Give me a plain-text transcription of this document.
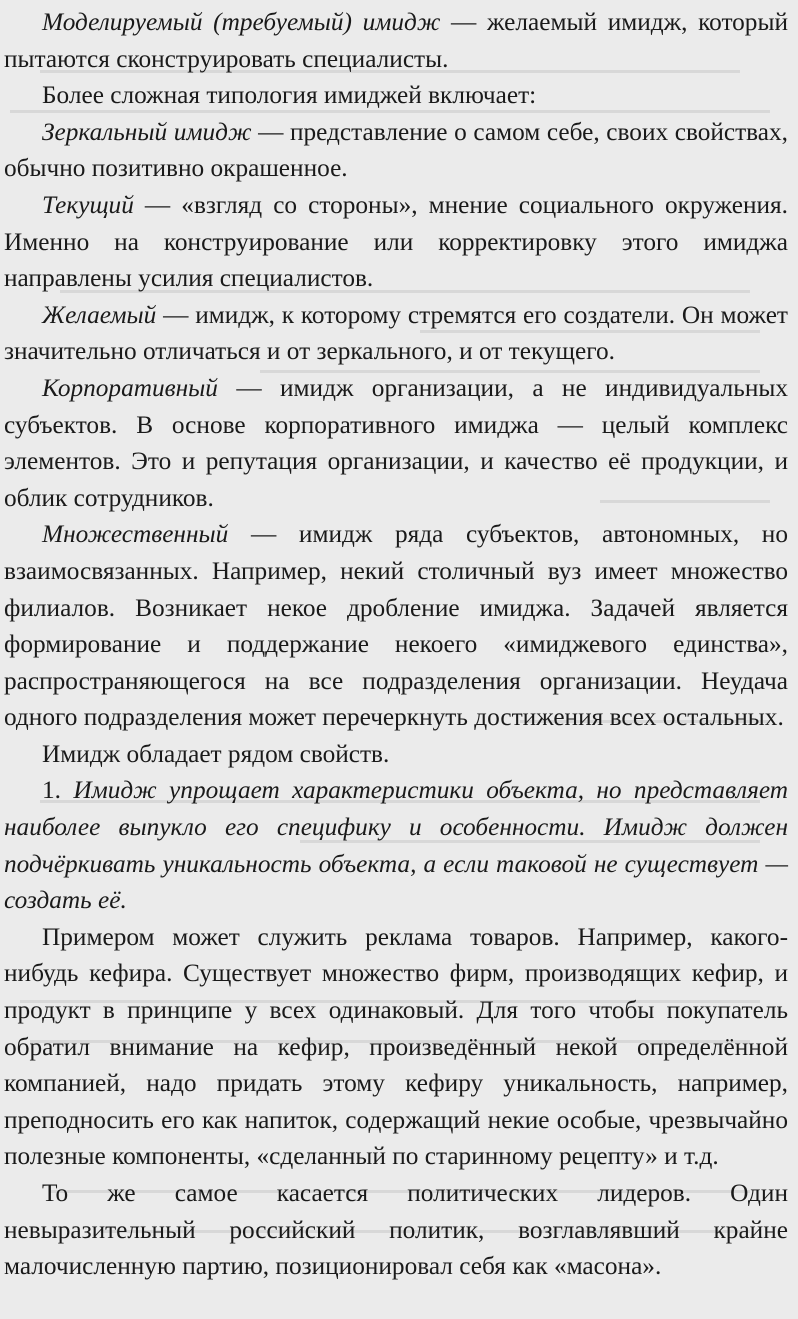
Моделируемый (требуемый) имидж — желаемый имидж, который пытаются сконструировать специалисты.

Более сложная типология имиджей включает:

Зеркальный имидж — представление о самом себе, своих свойствах, обычно позитивно окрашенное.

Текущий — «взгляд со стороны», мнение социального окружения. Именно на конструирование или корректировку этого имиджа направлены усилия специалистов.

Желаемый — имидж, к которому стремятся его создатели. Он может значительно отличаться и от зеркального, и от текущего.

Корпоративный — имидж организации, а не индивидуальных субъектов. В основе корпоративного имиджа — целый комплекс элементов. Это и репутация организации, и качество её продукции, и облик сотрудников.

Множественный — имидж ряда субъектов, автономных, но взаимосвязанных. Например, некий столичный вуз имеет множество филиалов. Возникает некое дробление имиджа. Задачей является формирование и поддержание некоего «имиджевого единства», распространяющегося на все подразделения организации. Неудача одного подразделения может перечеркнуть достижения всех остальных.

Имидж обладает рядом свойств.

1. Имидж упрощает характеристики объекта, но представляет наиболее выпукло его специфику и особенности. Имидж должен подчёркивать уникальность объекта, а если таковой не существует — создать её.

Примером может служить реклама товаров. Например, какого-нибудь кефира. Существует множество фирм, производящих кефир, и продукт в принципе у всех одинаковый. Для того чтобы покупатель обратил внимание на кефир, произведённый некой определённой компанией, надо придать этому кефиру уникальность, например, преподносить его как напиток, содержащий некие особые, чрезвычайно полезные компоненты, «сделанный по старинному рецепту» и т.д.

То же самое касается политических лидеров. Один невыразительный российский политик, возглавлявший крайне малочисленную партию, позиционировал себя как «масона».
